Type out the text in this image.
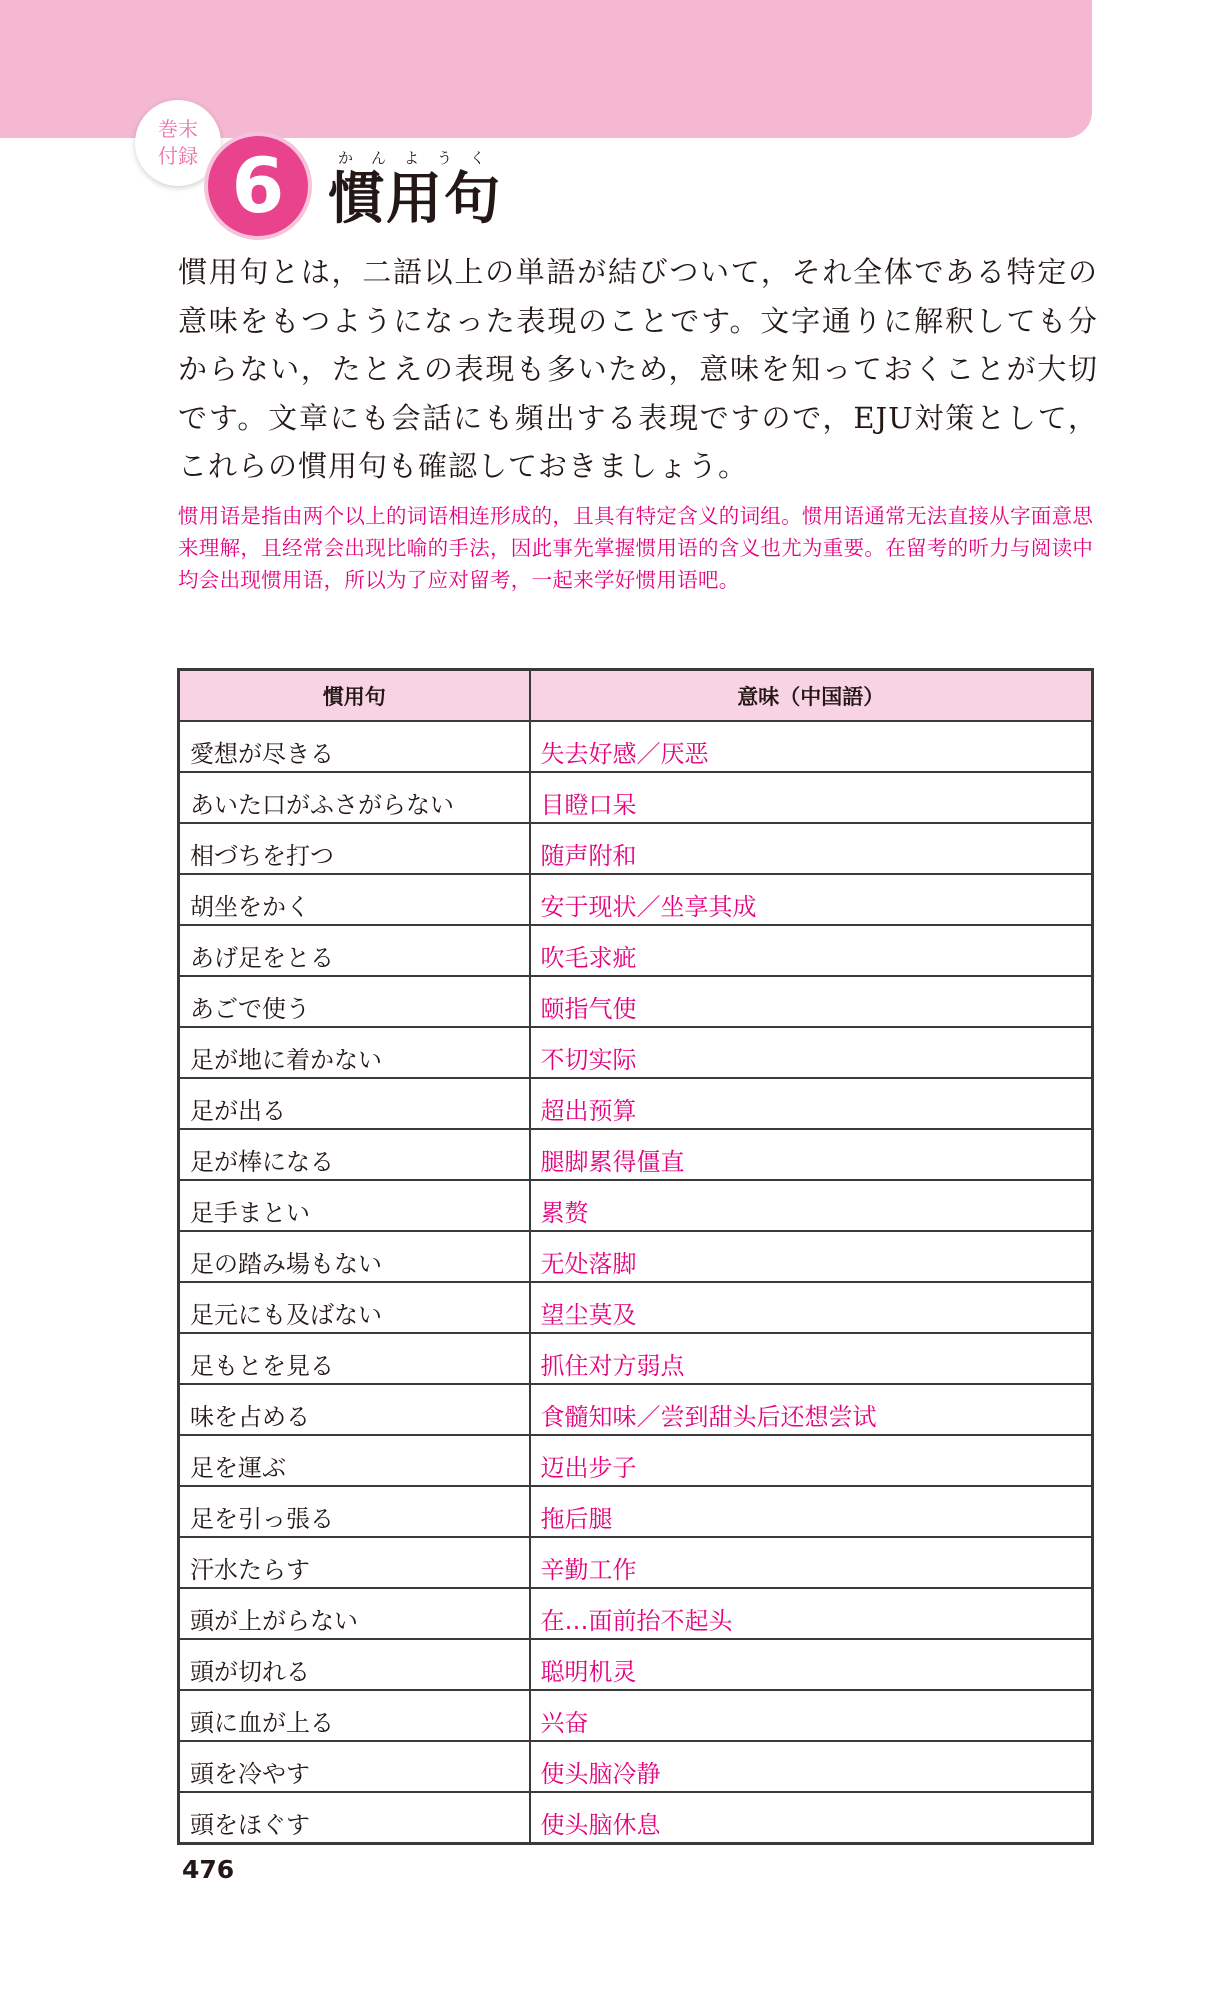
巻末
付録 6	かんようく
慣用句
慣用句とは，二語以上の単語が結びついて，それ全体である特定の意味をもつようになった表現のことです。文字通りに解釈しても分からない，たとえの表現も多いため，意味を知っておくことが大切です。文章にも会話にも頻出する表現ですので，EJU対策として，これらの慣用句も確認しておきましょう。
惯用语是指由两个以上的词语相连形成的，且具有特定含义的词组。惯用语通常无法直接从字面意思来理解，且经常会出现比喻的手法，因此事先掌握惯用语的含义也尤为重要。在留考的听力与阅读中均会出现惯用语，所以为了应对留考，一起来学好惯用语吧。
慣用句	意味（中国語）
愛想が尽きる	失去好感／厌恶
あいた口がふさがらない	目瞪口呆
相づちを打つ	随声附和
胡坐をかく	安于现状／坐享其成
あげ足をとる	吹毛求疵
あごで使う	颐指气使
足が地に着かない	不切实际
足が出る	超出预算
足が棒になる	腿脚累得僵直
足手まとい	累赘
足の踏み場もない	无处落脚
足元にも及ばない	望尘莫及
足もとを見る	抓住对方弱点
味を占める	食髓知味／尝到甜头后还想尝试
足を運ぶ	迈出步子
足を引っ張る	拖后腿
汗水たらす	辛勤工作
頭が上がらない	在…面前抬不起头
頭が切れる	聪明机灵
頭に血が上る	兴奋
頭を冷やす	使头脑冷静
頭をほぐす	使头脑休息
476
